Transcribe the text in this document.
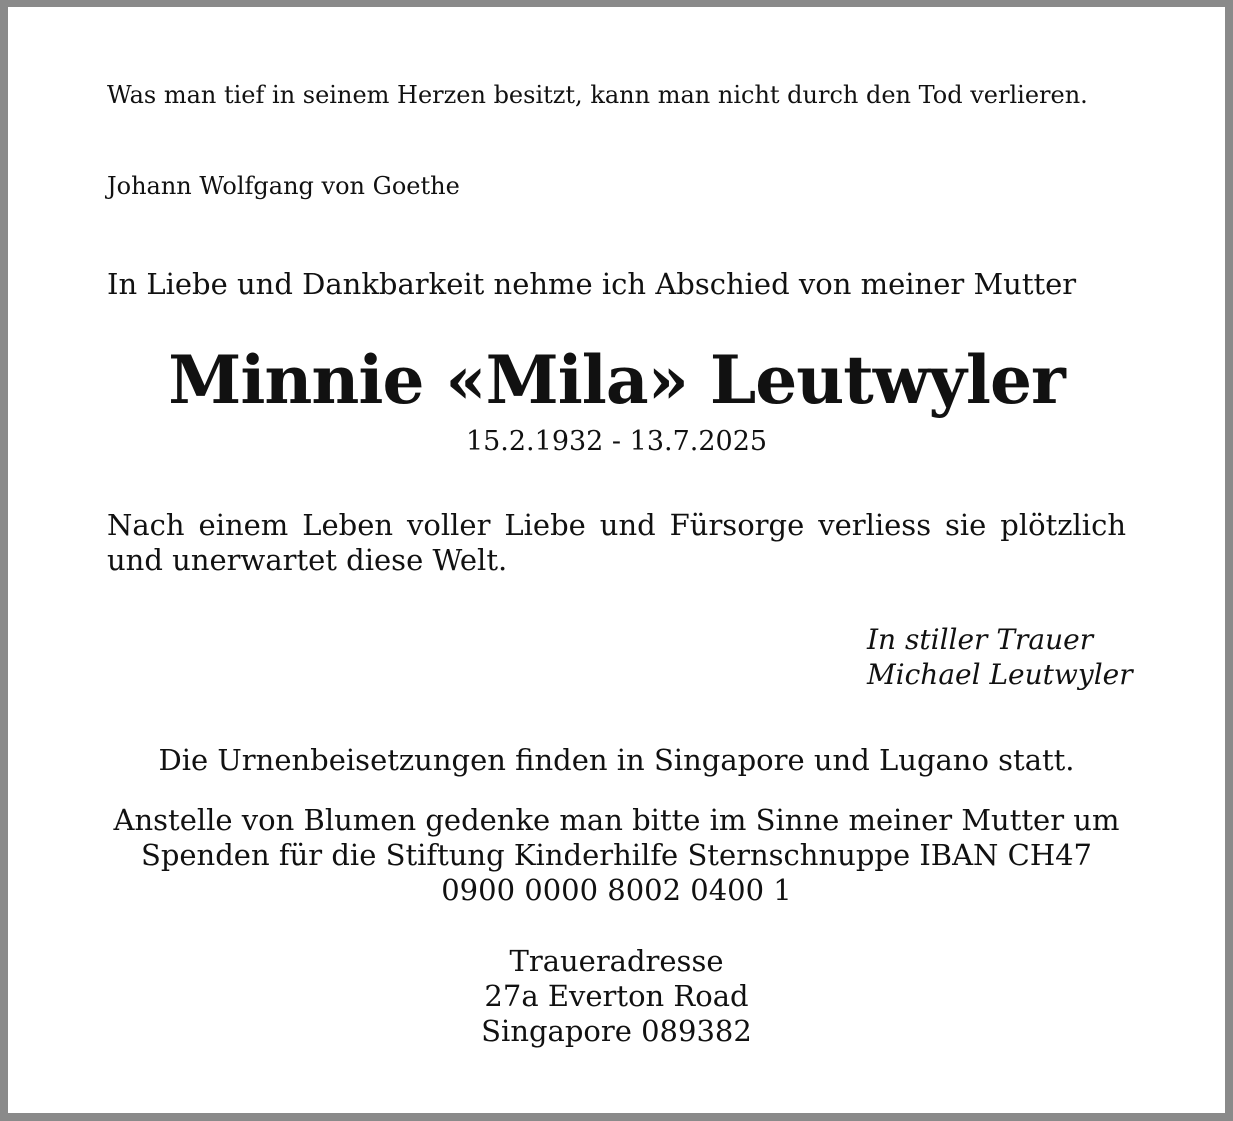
Was man tief in seinem Herzen besitzt, kann man nicht durch den Tod verlieren.

Johann Wolfgang von Goethe

In Liebe und Dankbarkeit nehme ich Abschied von meiner Mutter

Minnie «Mila» Leutwyler

15.2.1932 - 13.7.2025

Nach einem Leben voller Liebe und Fürsorge verliess sie plötzlich und unerwartet diese Welt.

In stiller Trauer
Michael Leutwyler

Die Urnenbeisetzungen finden in Singapore und Lugano statt.

Anstelle von Blumen gedenke man bitte im Sinne meiner Mutter um
Spenden für die Stiftung Kinderhilfe Sternschnuppe IBAN CH47
0900 0000 8002 0400 1
Traueradresse
27a Everton Road
Singapore 089382
